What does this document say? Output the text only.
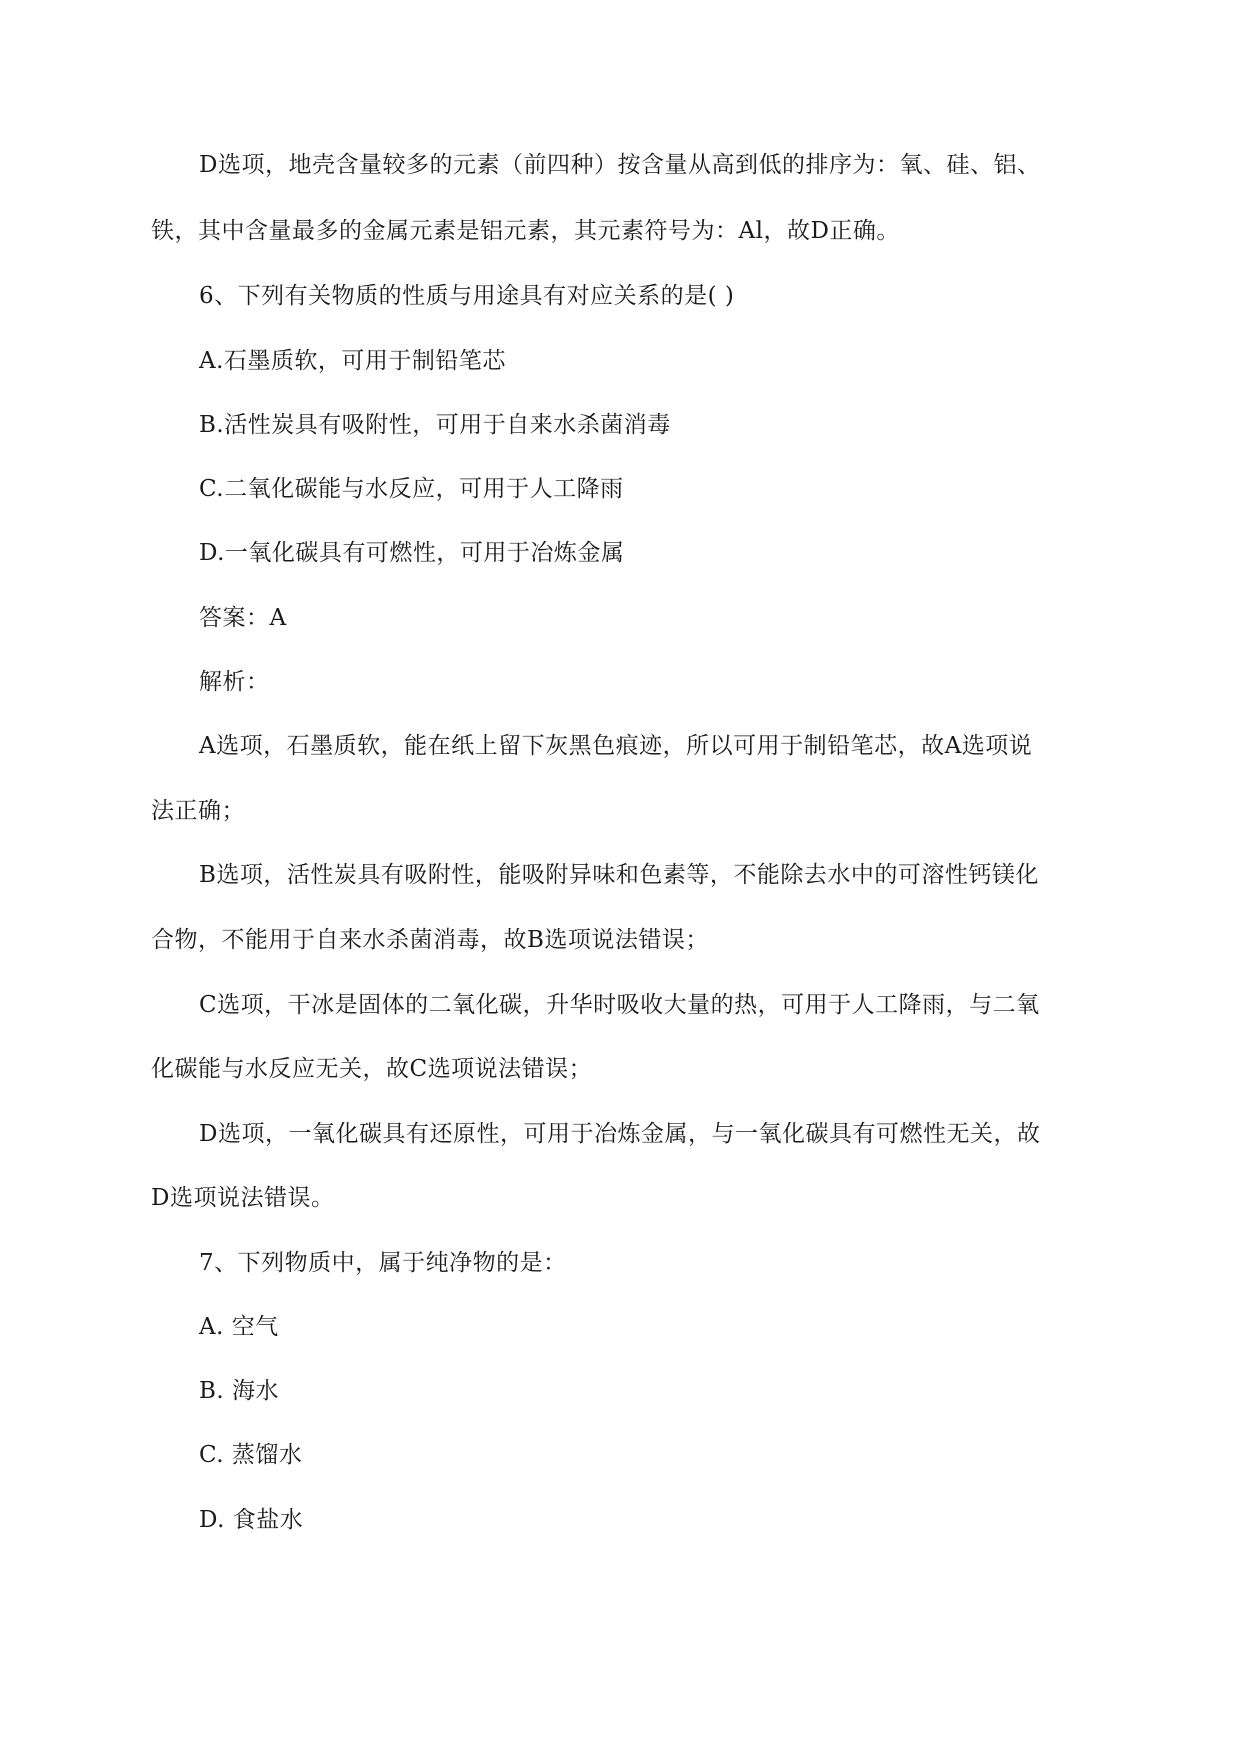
D选项，地壳含量较多的元素（前四种）按含量从高到低的排序为：氧、硅、铝、
铁，其中含量最多的金属元素是铝元素，其元素符号为：Al，故D正确。
6、下列有关物质的性质与用途具有对应关系的是( )
A.石墨质软，可用于制铅笔芯
B.活性炭具有吸附性，可用于自来水杀菌消毒
C.二氧化碳能与水反应，可用于人工降雨
D.一氧化碳具有可燃性，可用于冶炼金属
答案：A
解析：
A选项，石墨质软，能在纸上留下灰黑色痕迹，所以可用于制铅笔芯，故A选项说
法正确；
B选项，活性炭具有吸附性，能吸附异味和色素等，不能除去水中的可溶性钙镁化
合物，不能用于自来水杀菌消毒，故B选项说法错误；
C选项，干冰是固体的二氧化碳，升华时吸收大量的热，可用于人工降雨，与二氧
化碳能与水反应无关，故C选项说法错误；
D选项，一氧化碳具有还原性，可用于冶炼金属，与一氧化碳具有可燃性无关，故
D选项说法错误。
7、下列物质中，属于纯净物的是：
A. 空气
B. 海水
C. 蒸馏水
D. 食盐水
